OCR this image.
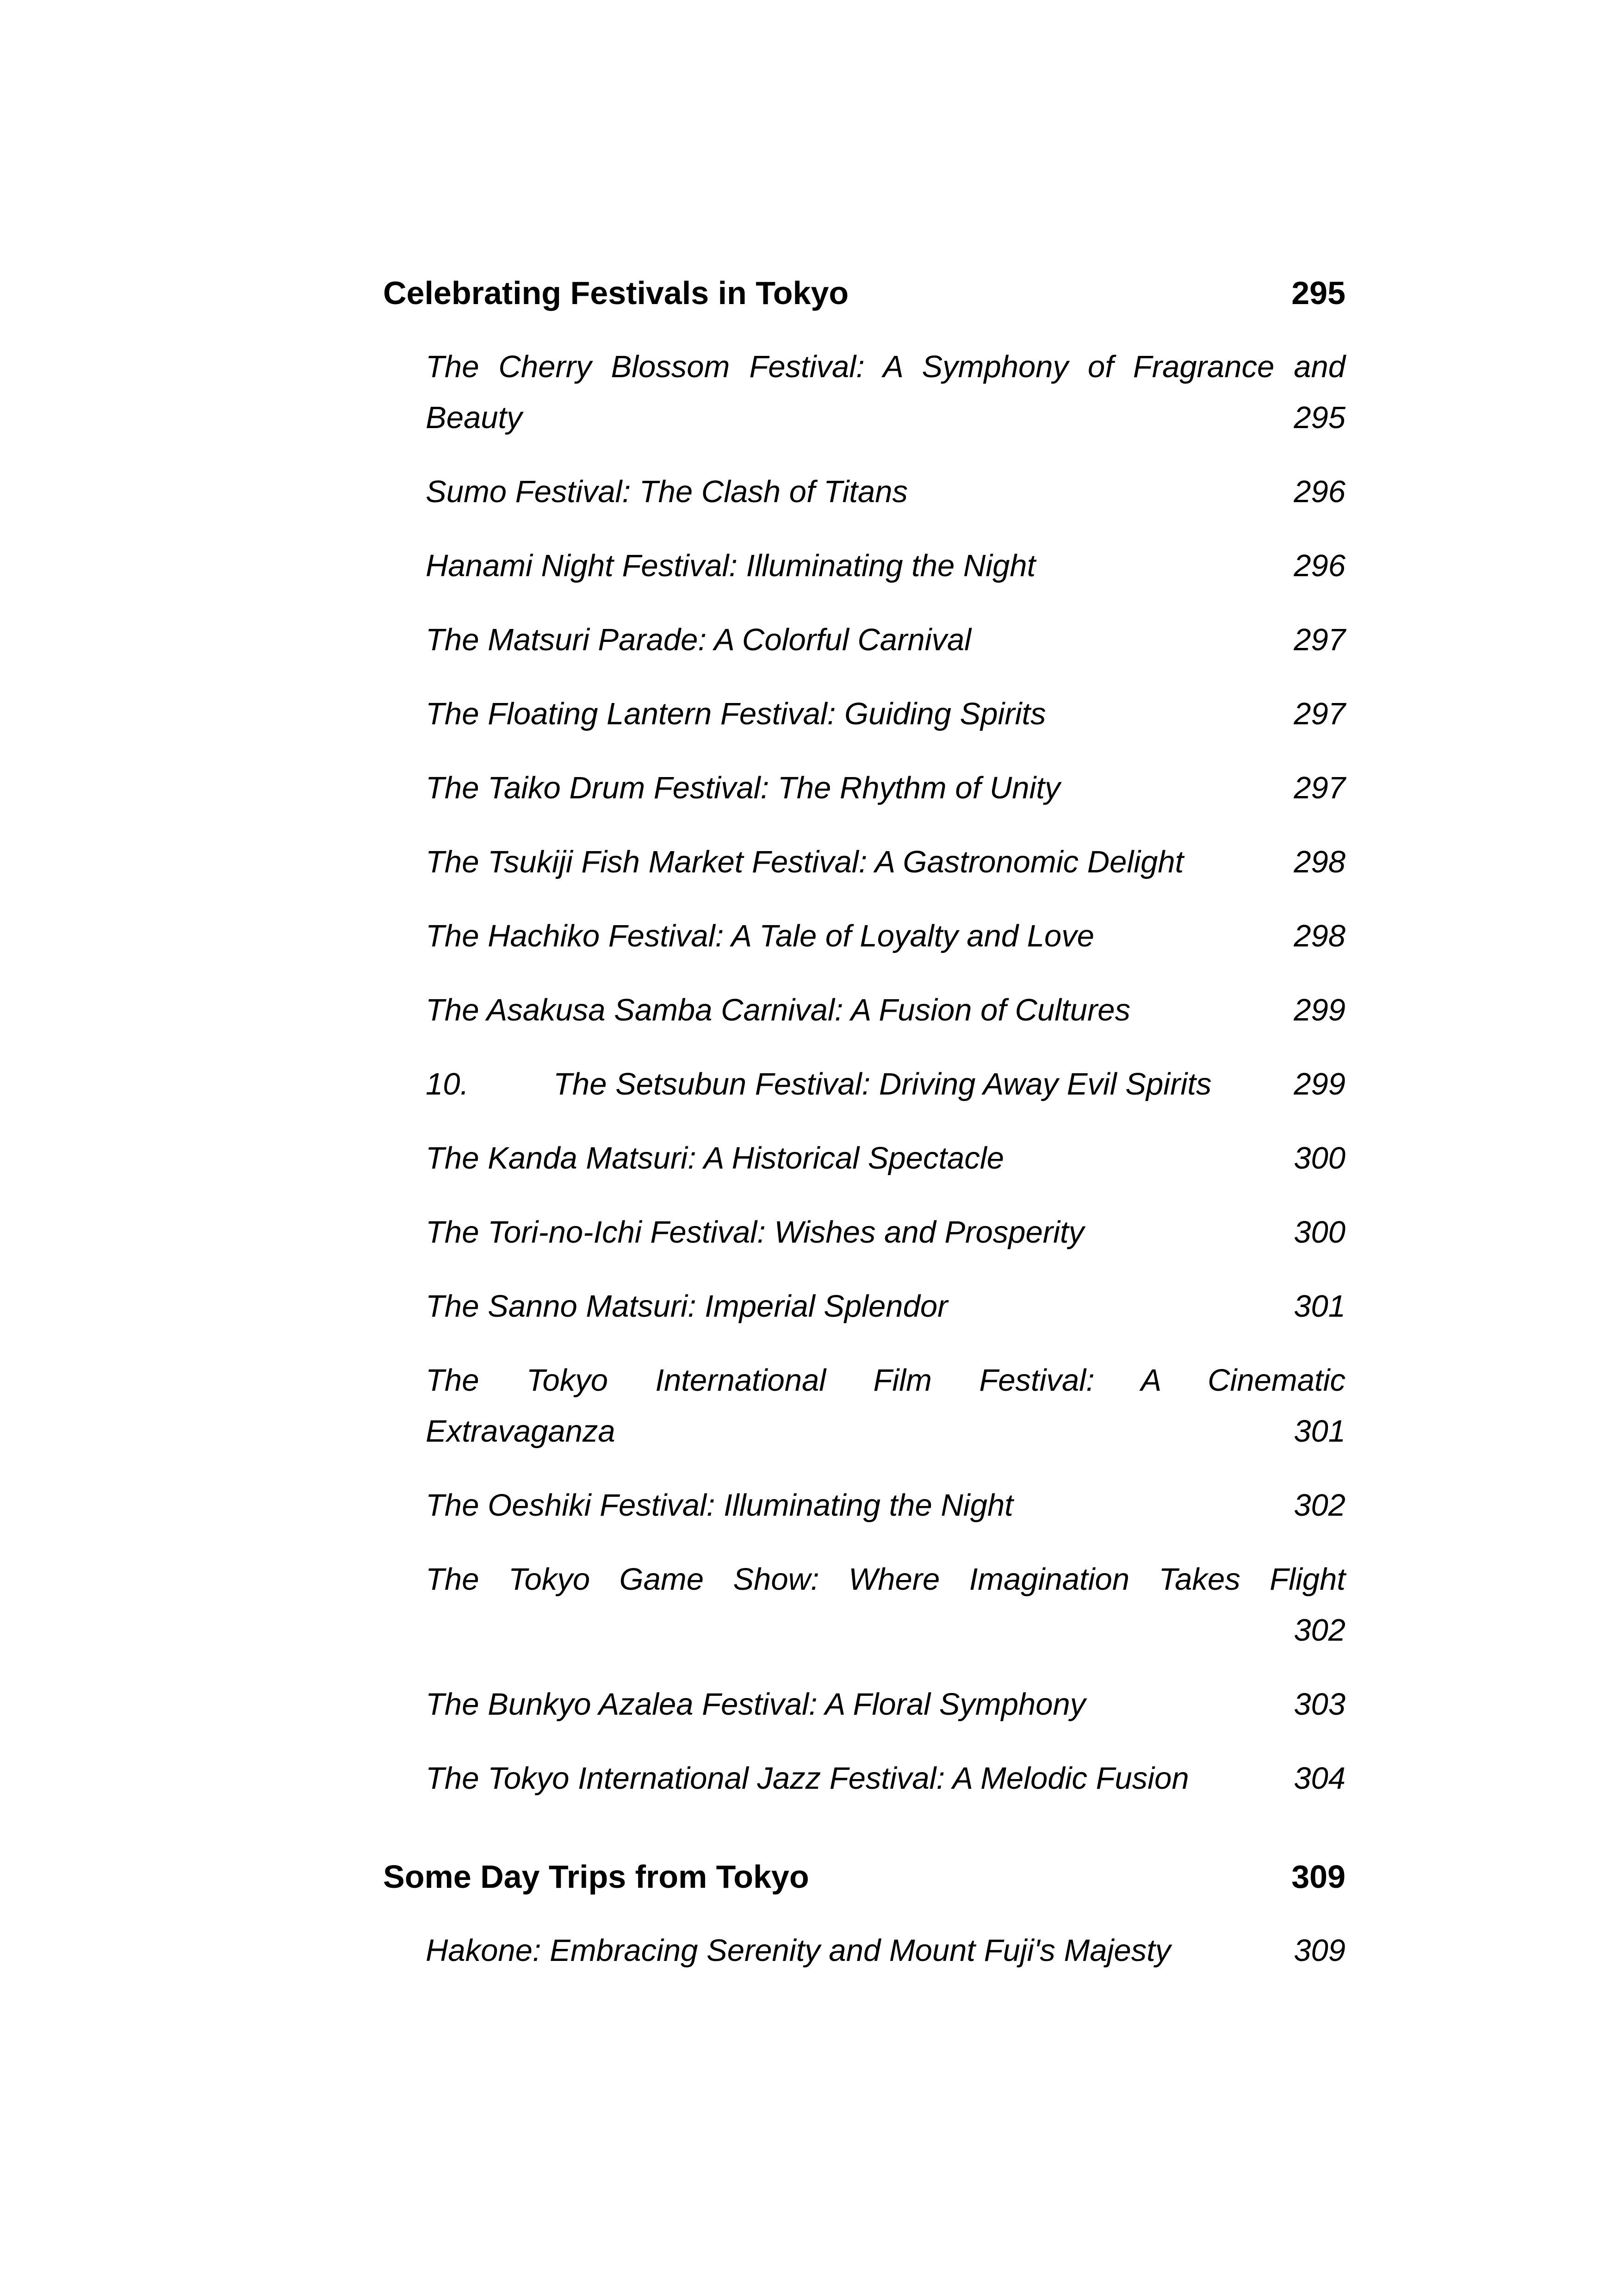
Celebrating Festivals in Tokyo	295
The Cherry Blossom Festival: A Symphony of Fragrance and
Beauty	295
Sumo Festival: The Clash of Titans	296
Hanami Night Festival: Illuminating the Night	296
The Matsuri Parade: A Colorful Carnival	297
The Floating Lantern Festival: Guiding Spirits	297
The Taiko Drum Festival: The Rhythm of Unity	297
The Tsukiji Fish Market Festival: A Gastronomic Delight	298
The Hachiko Festival: A Tale of Loyalty and Love	298
The Asakusa Samba Carnival: A Fusion of Cultures	299
10.	The Setsubun Festival: Driving Away Evil Spirits	299
The Kanda Matsuri: A Historical Spectacle	300
The Tori-no-Ichi Festival: Wishes and Prosperity	300
The Sanno Matsuri: Imperial Splendor	301
The Tokyo International Film Festival: A Cinematic
Extravaganza	301
The Oeshiki Festival: Illuminating the Night	302
The Tokyo Game Show: Where Imagination Takes Flight
302
The Bunkyo Azalea Festival: A Floral Symphony	303
The Tokyo International Jazz Festival: A Melodic Fusion	304
Some Day Trips from Tokyo	309
Hakone: Embracing Serenity and Mount Fuji's Majesty	309
